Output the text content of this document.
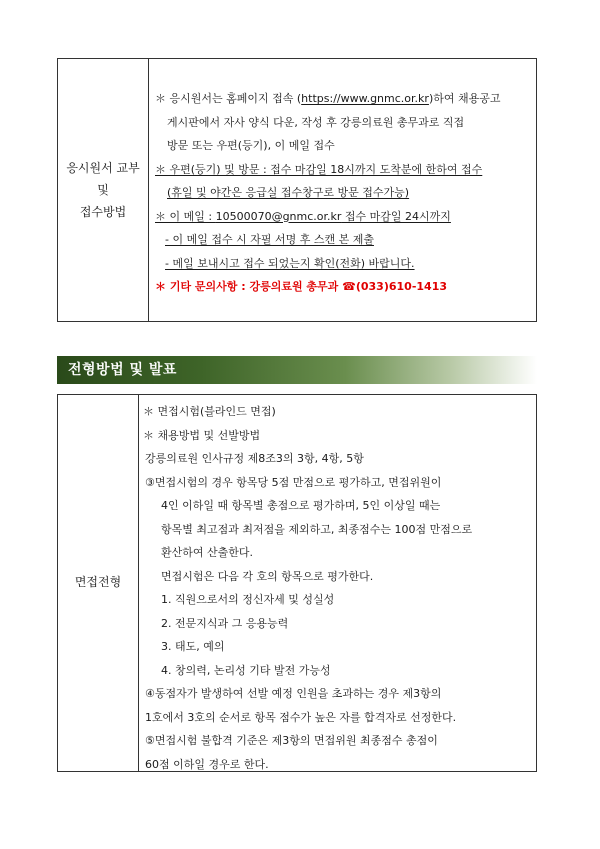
응시원서 교부
및
접수방법
＊ 응시원서는 홈페이지 접속 (https://www.gnmc.or.kr)하여 채용공고
게시판에서 자사 양식 다운, 작성 후 강릉의료원 총무과로 직접
방문 또는 우편(등기), 이 메일 접수
＊ 우편(등기) 및 방문 : 접수 마감일 18시까지 도착분에 한하여 접수
(휴일 및 야간은 응급실 접수창구로 방문 접수가능)
＊ 이 메일 : 10500070@gnmc.or.kr 접수 마감일 24시까지
- 이 메일 접수 시 자필 서명 후 스캔 본 제출
- 메일 보내시고 접수 되었는지 확인(전화) 바랍니다.
＊ 기타 문의사항 : 강릉의료원 총무과 ☎(033)610-1413
전형방법 및 발표
면접전형
＊ 면접시험(블라인드 면접)
＊ 채용방법 및 선발방법
강릉의료원 인사규정 제8조3의 3항, 4항, 5항
③면접시험의 경우 항목당 5점 만점으로 평가하고, 면접위원이
4인 이하일 때 항목별 총점으로 평가하며, 5인 이상일 때는
항목별 최고점과 최저점을 제외하고, 최종점수는 100점 만점으로
환산하여 산출한다.
면접시험은 다음 각 호의 항목으로 평가한다.
1. 직원으로서의 정신자세 및 성실성
2. 전문지식과 그 응용능력
3. 태도, 예의
4. 창의력, 논리성 기타 발전 가능성
④동점자가 발생하여 선발 예정 인원을 초과하는 경우 제3항의
1호에서 3호의 순서로 항목 점수가 높은 자를 합격자로 선정한다.
⑤면접시험 불합격 기준은 제3항의 면접위원 최종점수 총점이
60점 이하일 경우로 한다.
